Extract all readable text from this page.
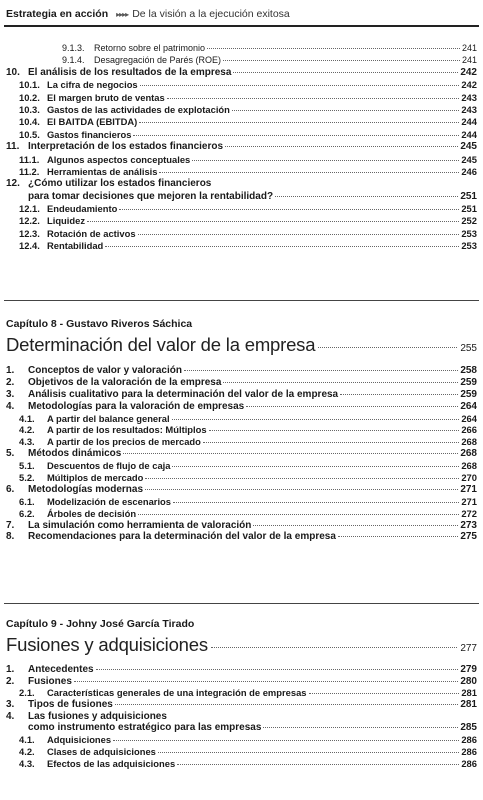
Estrategia en acción ▸▸▸▸ De la visión a la ejecución exitosa
9.1.3.	Retorno sobre el patrimonio	241
9.1.4.	Desagregación de Parés (ROE)	241
10. El análisis de los resultados de la empresa	242
10.1. La cifra de negocios	242
10.2. El margen bruto de ventas	243
10.3. Gastos de las actividades de explotación	243
10.4. El BAITDA (EBITDA)	244
10.5. Gastos financieros	244
11. Interpretación de los estados financieros	245
11.1. Algunos aspectos conceptuales	245
11.2. Herramientas de análisis	246
12. ¿Cómo utilizar los estados financieros
para tomar decisiones que mejoren la rentabilidad?	251
12.1. Endeudamiento	251
12.2. Liquidez	252
12.3. Rotación de activos	253
12.4. Rentabilidad	253
Capítulo 8 - Gustavo Riveros Sáchica
Determinación del valor de la empresa	255
1.	Conceptos de valor y valoración	258
2.	Objetivos de la valoración de la empresa	259
3.	Análisis cualitativo para la determinación del valor de la empresa	259
4.	Metodologías para la valoración de empresas	264
4.1.	A partir del balance general	264
4.2.	A partir de los resultados: Múltiplos	266
4.3.	A partir de los precios de mercado	268
5.	Métodos dinámicos	268
5.1.	Descuentos de flujo de caja	268
5.2.	Múltiplos de mercado	270
6.	Metodologías modernas	271
6.1.	Modelización de escenarios	271
6.2.	Árboles de decisión	272
7.	La simulación como herramienta de valoración	273
8.	Recomendaciones para la determinación del valor de la empresa	275
Capítulo 9 - Johny José García Tirado
Fusiones y adquisiciones	277
1.	Antecedentes	279
2.	Fusiones	280
2.1.	Características generales de una integración de empresas	281
3.	Tipos de fusiones	281
4.	Las fusiones y adquisiciones
como instrumento estratégico para las empresas	285
4.1.	Adquisiciones	286
4.2.	Clases de adquisiciones	286
4.3.	Efectos de las adquisiciones	286
